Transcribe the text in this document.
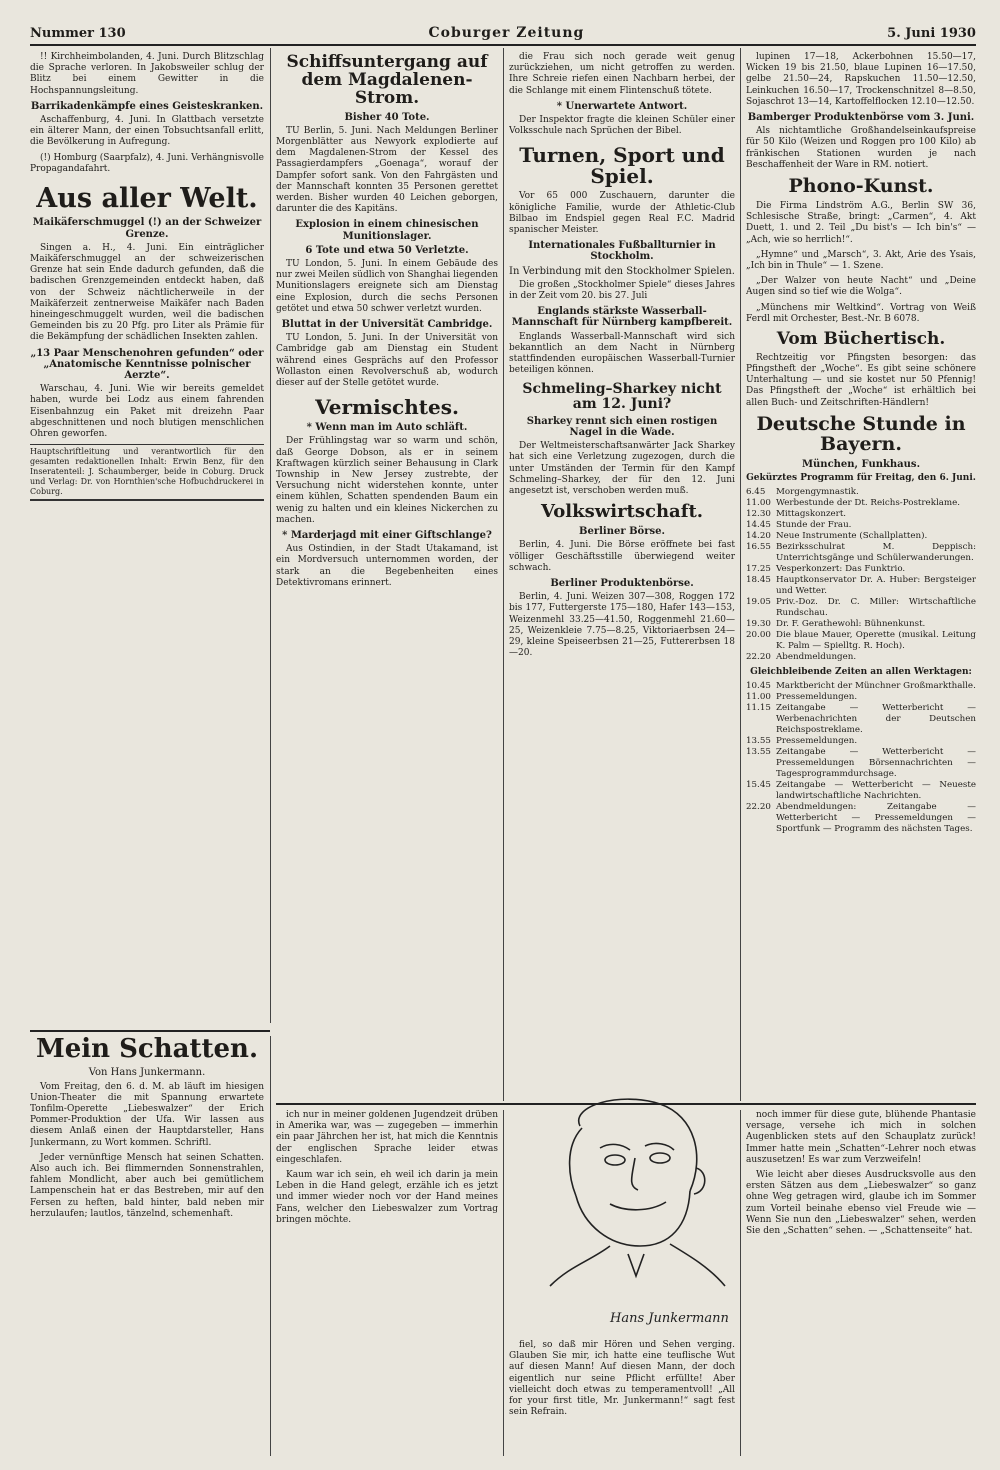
Nummer 130	Coburger Zeitung	5. Juni 1930

!! Kirchheimbolanden, 4. Juni. Durch Blitzschlag die Sprache verloren. In Jakobsweiler schlug der Blitz bei einem Gewitter in die Hochspannungsleitung.

Barrikadenkämpfe eines Geisteskranken.

Aschaffenburg, 4. Juni. In Glattbach versetzte ein älterer Mann, der einen Tobsuchtsanfall erlitt, die Bevölkerung in Aufregung.

(!) Homburg (Saarpfalz), 4. Juni. Verhängnisvolle Propagandafahrt.

Aus aller Welt.
Maikäferschmuggel (!) an der Schweizer Grenze.

Singen a. H., 4. Juni. Ein einträglicher Maikäferschmuggel an der schweizerischen Grenze hat sein Ende dadurch gefunden, daß die badischen Grenzgemeinden entdeckt haben, daß von der Schweiz nächtlicherweile in der Maikäferzeit zentnerweise Maikäfer nach Baden hineingeschmuggelt wurden, weil die badischen Gemeinden bis zu 20 Pfg. pro Liter als Prämie für die Bekämpfung der schädlichen Insekten zahlen.

„13 Paar Menschenohren gefunden“ oder „Anatomische Kenntnisse polnischer Aerzte“.

Warschau, 4. Juni. Wie wir bereits gemeldet haben, wurde bei Lodz aus einem fahrenden Eisenbahnzug ein Paket mit dreizehn Paar abgeschnittenen und noch blutigen menschlichen Ohren geworfen.

Hauptschriftleitung und verantwortlich für den gesamten redaktionellen Inhalt: Erwin Benz, für den Inseratenteil: J. Schaumberger, beide in Coburg. Druck und Verlag: Dr. von Hornthien'sche Hofbuchdruckerei in Coburg.
Schiffsuntergang auf dem Magdalenen-Strom.
Bisher 40 Tote.

TU Berlin, 5. Juni. Nach Meldungen Berliner Morgenblätter aus Newyork explodierte auf dem Magdalenen-Strom der Kessel des Passagierdampfers „Goenaga“, worauf der Dampfer sofort sank. Von den Fahrgästen und der Mannschaft konnten 35 Personen gerettet werden. Bisher wurden 40 Leichen geborgen, darunter die des Kapitäns.

Explosion in einem chinesischen Munitionslager.
6 Tote und etwa 50 Verletzte.

TU London, 5. Juni. In einem Gebäude des nur zwei Meilen südlich von Shanghai liegenden Munitionslagers ereignete sich am Dienstag eine Explosion, durch die sechs Personen getötet und etwa 50 schwer verletzt wurden.

Bluttat in der Universität Cambridge.

TU London, 5. Juni. In der Universität von Cambridge gab am Dienstag ein Student während eines Gesprächs auf den Professor Wollaston einen Revolverschuß ab, wodurch dieser auf der Stelle getötet wurde.

Vermischtes.
* Wenn man im Auto schläft.

Der Frühlingstag war so warm und schön, daß George Dobson, als er in seinem Kraftwagen kürzlich seiner Behausung in Clark Township in New Jersey zustrebte, der Versuchung nicht widerstehen konnte, unter einem kühlen, Schatten spendenden Baum ein wenig zu halten und ein kleines Nickerchen zu machen.

* Marderjagd mit einer Giftschlange?

Aus Ostindien, in der Stadt Utakamand, ist ein Mordversuch unternommen worden, der stark an die Begebenheiten eines Detektivromans erinnert.

die Frau sich noch gerade weit genug zurückziehen, um nicht getroffen zu werden. Ihre Schreie riefen einen Nachbarn herbei, der die Schlange mit einem Flintenschuß tötete.

* Unerwartete Antwort.

Der Inspektor fragte die kleinen Schüler einer Volksschule nach Sprüchen der Bibel.

Turnen, Sport und Spiel.

Vor 65 000 Zuschauern, darunter die königliche Familie, wurde der Athletic-Club Bilbao im Endspiel gegen Real F.C. Madrid spanischer Meister.

Internationales Fußballturnier in Stockholm.
In Verbindung mit den Stockholmer Spielen.

Die großen „Stockholmer Spiele“ dieses Jahres in der Zeit vom 20. bis 27. Juli

Englands stärkste Wasserball-Mannschaft für Nürnberg kampfbereit.

Englands Wasserball-Mannschaft wird sich bekanntlich an dem Nacht in Nürnberg stattfindenden europäischen Wasserball-Turnier beteiligen können.

Schmeling–Sharkey nicht am 12. Juni?
Sharkey rennt sich einen rostigen Nagel in die Wade.

Der Weltmeisterschaftsanwärter Jack Sharkey hat sich eine Verletzung zugezogen, durch die unter Umständen der Termin für den Kampf Schmeling–Sharkey, der für den 12. Juni angesetzt ist, verschoben werden muß.

Volkswirtschaft.
Berliner Börse.

Berlin, 4. Juni. Die Börse eröffnete bei fast völliger Geschäftsstille überwiegend weiter schwach.

Berliner Produktenbörse.

Berlin, 4. Juni. Weizen 307—308, Roggen 172 bis 177, Futtergerste 175—180, Hafer 143—153, Weizenmehl 33.25—41.50, Roggenmehl 21.60—25, Weizenkleie 7.75—8.25, Viktoriaerbsen 24—29, kleine Speiseerbsen 21—25, Futtererbsen 18—20.

lupinen 17—18, Ackerbohnen 15.50—17, Wicken 19 bis 21.50, blaue Lupinen 16—17.50, gelbe 21.50—24, Rapskuchen 11.50—12.50, Leinkuchen 16.50—17, Trockenschnitzel 8—8.50, Sojaschrot 13—14, Kartoffelflocken 12.10—12.50.

Bamberger Produktenbörse vom 3. Juni.

Als nichtamtliche Großhandelseinkaufspreise für 50 Kilo (Weizen und Roggen pro 100 Kilo) ab fränkischen Stationen wurden je nach Beschaffenheit der Ware in RM. notiert.

Phono-Kunst.

Die Firma Lindström A.G., Berlin SW 36, Schlesische Straße, bringt: „Carmen“, 4. Akt Duett, 1. und 2. Teil „Du bist's — Ich bin's“ — „Ach, wie so herrlich!“.

„Hymne“ und „Marsch“, 3. Akt, Arie des Ysais, „Ich bin in Thule“ — 1. Szene.

„Der Walzer von heute Nacht“ und „Deine Augen sind so tief wie die Wolga“.

„Münchens mir Weltkind“. Vortrag von Weiß Ferdl mit Orchester, Best.-Nr. B 6078.

Vom Büchertisch.

Rechtzeitig vor Pfingsten besorgen: das Pfingstheft der „Woche“. Es gibt seine schönere Unterhaltung — und sie kostet nur 50 Pfennig! Das Pfingstheft der „Woche“ ist erhältlich bei allen Buch- und Zeitschriften-Händlern!

Deutsche Stunde in Bayern.
München, Funkhaus.
Gekürztes Programm für Freitag, den 6. Juni.
6.45	Morgengymnastik.
11.00 Werbestunde der Dt. Reichs-Postreklame.
12.30 Mittagskonzert.
14.45 Stunde der Frau.
14.20 Neue Instrumente (Schallplatten).
16.55 Bezirksschulrat M. Deppisch: Unterrichtsgänge und Schülerwanderungen.
17.25 Vesperkonzert: Das Funktrio.
18.45 Hauptkonservator Dr. A. Huber: Bergsteiger und Wetter.
19.05 Priv.-Doz. Dr. C. Miller: Wirtschaftliche Rundschau.
19.30 Dr. F. Gerathewohl: Bühnenkunst.
20.00 Die blaue Mauer, Operette (musikal. Leitung K. Palm — Spielltg. R. Hoch).
22.20 Abendmeldungen.
Gleichbleibende Zeiten an allen Werktagen:
10.45 Marktbericht der Münchner Großmarkthalle.
11.00 Pressemeldungen.
11.15 Zeitangabe — Wetterbericht — Werbenachrichten der Deutschen Reichspostreklame.
13.55 Pressemeldungen.
13.55 Zeitangabe — Wetterbericht — Pressemeldungen Börsennachrichten — Tagesprogrammdurchsage.
15.45 Zeitangabe — Wetterbericht — Neueste landwirtschaftliche Nachrichten.
22.20 Abendmeldungen: Zeitangabe — Wetterbericht — Pressemeldungen — Sportfunk — Programm des nächsten Tages.
Mein Schatten.
Von Hans Junkermann.

Vom Freitag, den 6. d. M. ab läuft im hiesigen Union-Theater die mit Spannung erwartete Tonfilm-Operette „Liebeswalzer“ der Erich Pommer-Produktion der Ufa. Wir lassen aus diesem Anlaß einen der Hauptdarsteller, Hans Junkermann, zu Wort kommen. Schriftl.

Jeder vernünftige Mensch hat seinen Schatten. Also auch ich. Bei flimmernden Sonnenstrahlen, fahlem Mondlicht, aber auch bei gemütlichem Lampenschein hat er das Bestreben, mir auf den Fersen zu heften, bald hinter, bald neben mir herzulaufen; lautlos, tänzelnd, schemenhaft.

ich nur in meiner goldenen Jugendzeit drüben in Amerika war, was — zugegeben — immerhin ein paar Jährchen her ist, hat mich die Kenntnis der englischen Sprache leider etwas eingeschlafen.

Kaum war ich sein, eh weil ich darin ja mein Leben in die Hand gelegt, erzähle ich es jetzt und immer wieder noch vor der Hand meines Fans, welcher den Liebeswalzer zum Vortrag bringen möchte.

Hans Junkermann

fiel, so daß mir Hören und Sehen verging. Glauben Sie mir, ich hatte eine teuflische Wut auf diesen Mann! Auf diesen Mann, der doch eigentlich nur seine Pflicht erfüllte! Aber vielleicht doch etwas zu temperamentvoll! „All for your first title, Mr. Junkermann!“ sagt fest sein Refrain.

noch immer für diese gute, blühende Phantasie versage, versehe ich mich in solchen Augenblicken stets auf den Schauplatz zurück! Immer hatte mein „Schatten“-Lehrer noch etwas auszusetzen! Es war zum Verzweifeln!

Wie leicht aber dieses Ausdrucksvolle aus den ersten Sätzen aus dem „Liebeswalzer“ so ganz ohne Weg getragen wird, glaube ich im Sommer zum Vorteil beinahe ebenso viel Freude wie — Wenn Sie nun den „Liebeswalzer“ sehen, werden Sie den „Schatten“ sehen. — „Schattenseite“ hat.
